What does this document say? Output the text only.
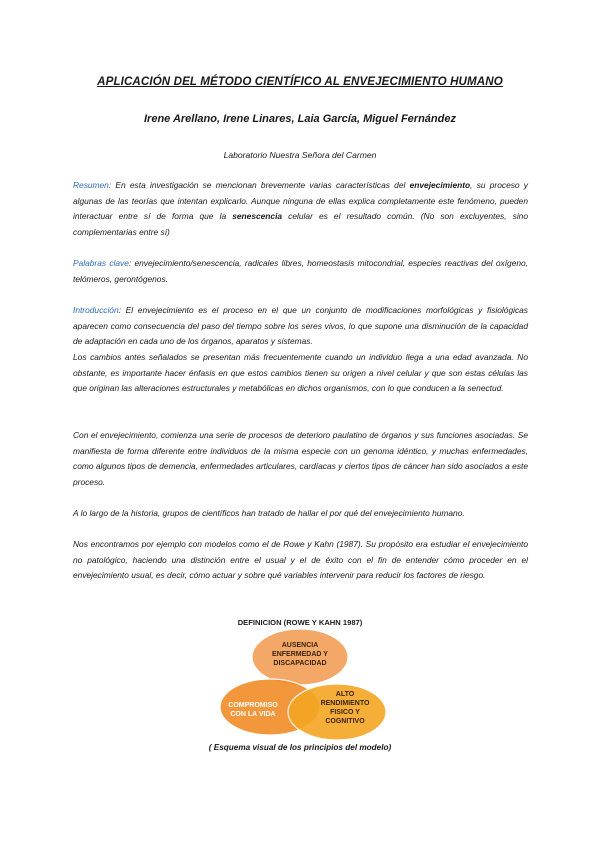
APLICACIÓN DEL MÉTODO CIENTÍFICO AL ENVEJECIMIENTO HUMANO
Irene Arellano, Irene Linares, Laia García, Miguel Fernández
Laboratorio Nuestra Señora del Carmen

Resumen: En esta investigación se mencionan brevemente varias características del envejecimiento, su proceso y algunas de las teorías que intentan explicarlo. Aunque ninguna de ellas explica completamente este fenómeno, pueden interactuar entre sí de forma que la senescencia celular es el resultado común. (No son excluyentes, sino complementarias entre sí)

Palabras clave: envejecimiento/senescencia, radicales libres, homeostasis mitocondrial, especies reactivas del oxígeno, telómeros, gerontógenos.

Introducción: El envejecimiento es el proceso en el que un conjunto de modificaciones morfológicas y fisiológicas aparecen como consecuencia del paso del tiempo sobre los seres vivos, lo que supone una disminución de la capacidad de adaptación en cada uno de los órganos, aparatos y sistemas.

Los cambios antes señalados se presentan más frecuentemente cuando un individuo llega a una edad avanzada. No obstante, es importante hacer énfasis en que estos cambios tienen su origen a nivel celular y que son estas células las que originan las alteraciones estructurales y metabólicas en dichos organismos, con lo que conducen a la senectud.

Con el envejecimiento, comienza una serie de procesos de deterioro paulatino de órganos y sus funciones asociadas. Se manifiesta de forma diferente entre individuos de la misma especie con un genoma idéntico, y muchas enfermedades, como algunos tipos de demencia, enfermedades articulares, cardíacas y ciertos tipos de cáncer han sido asociados a este proceso.

A lo largo de la historia, grupos de científicos han tratado de hallar el por qué del envejecimiento humano.

Nos encontramos por ejemplo con modelos como el de Rowe y Kahn (1987). Su propósito era estudiar el envejecimiento no patológico, haciendo una distinción entre el usual y el de éxito con el fin de entender cómo proceder en el envejecimiento usual, es decir, cómo actuar y sobre qué variables intervenir para reducir los factores de riesgo.

DEFINICION (ROWE Y KAHN 1987)
AUSENCIA
ENFERMEDAD Y
DISCAPACIDAD
COMPROMISO
CON LA VIDA
ALTO
RENDIMIENTO
FISICO Y
COGNITIVO
( Esquema visual de los principios del modelo)
